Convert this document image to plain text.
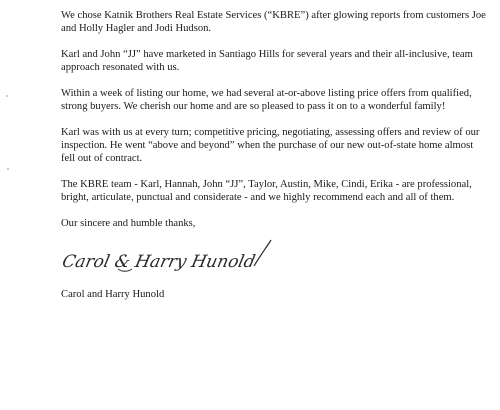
We chose Katnik Brothers Real Estate Services (“KBRE”) after glowing reports from customers Joe and Holly Hagler and Jodi Hudson.

Karl and John “JJ” have marketed in Santiago Hills for several years and their all-inclusive, team approach resonated with us.

Within a week of listing our home, we had several at-or-above listing price offers from qualified, strong buyers. We cherish our home and are so pleased to pass it on to a wonderful family!

Karl was with us at every turn; competitive pricing, negotiating, assessing offers and review of our inspection. He went “above and beyond” when the purchase of our new out-of-state home almost fell out of contract.

The KBRE team - Karl, Hannah, John “JJ”, Taylor, Austin, Mike, Cindi, Erika - are professional, bright, articulate, punctual and considerate - and we highly recommend each and all of them.

Our sincere and humble thanks,

Carol & Harry Hunold

Carol and Harry Hunold
